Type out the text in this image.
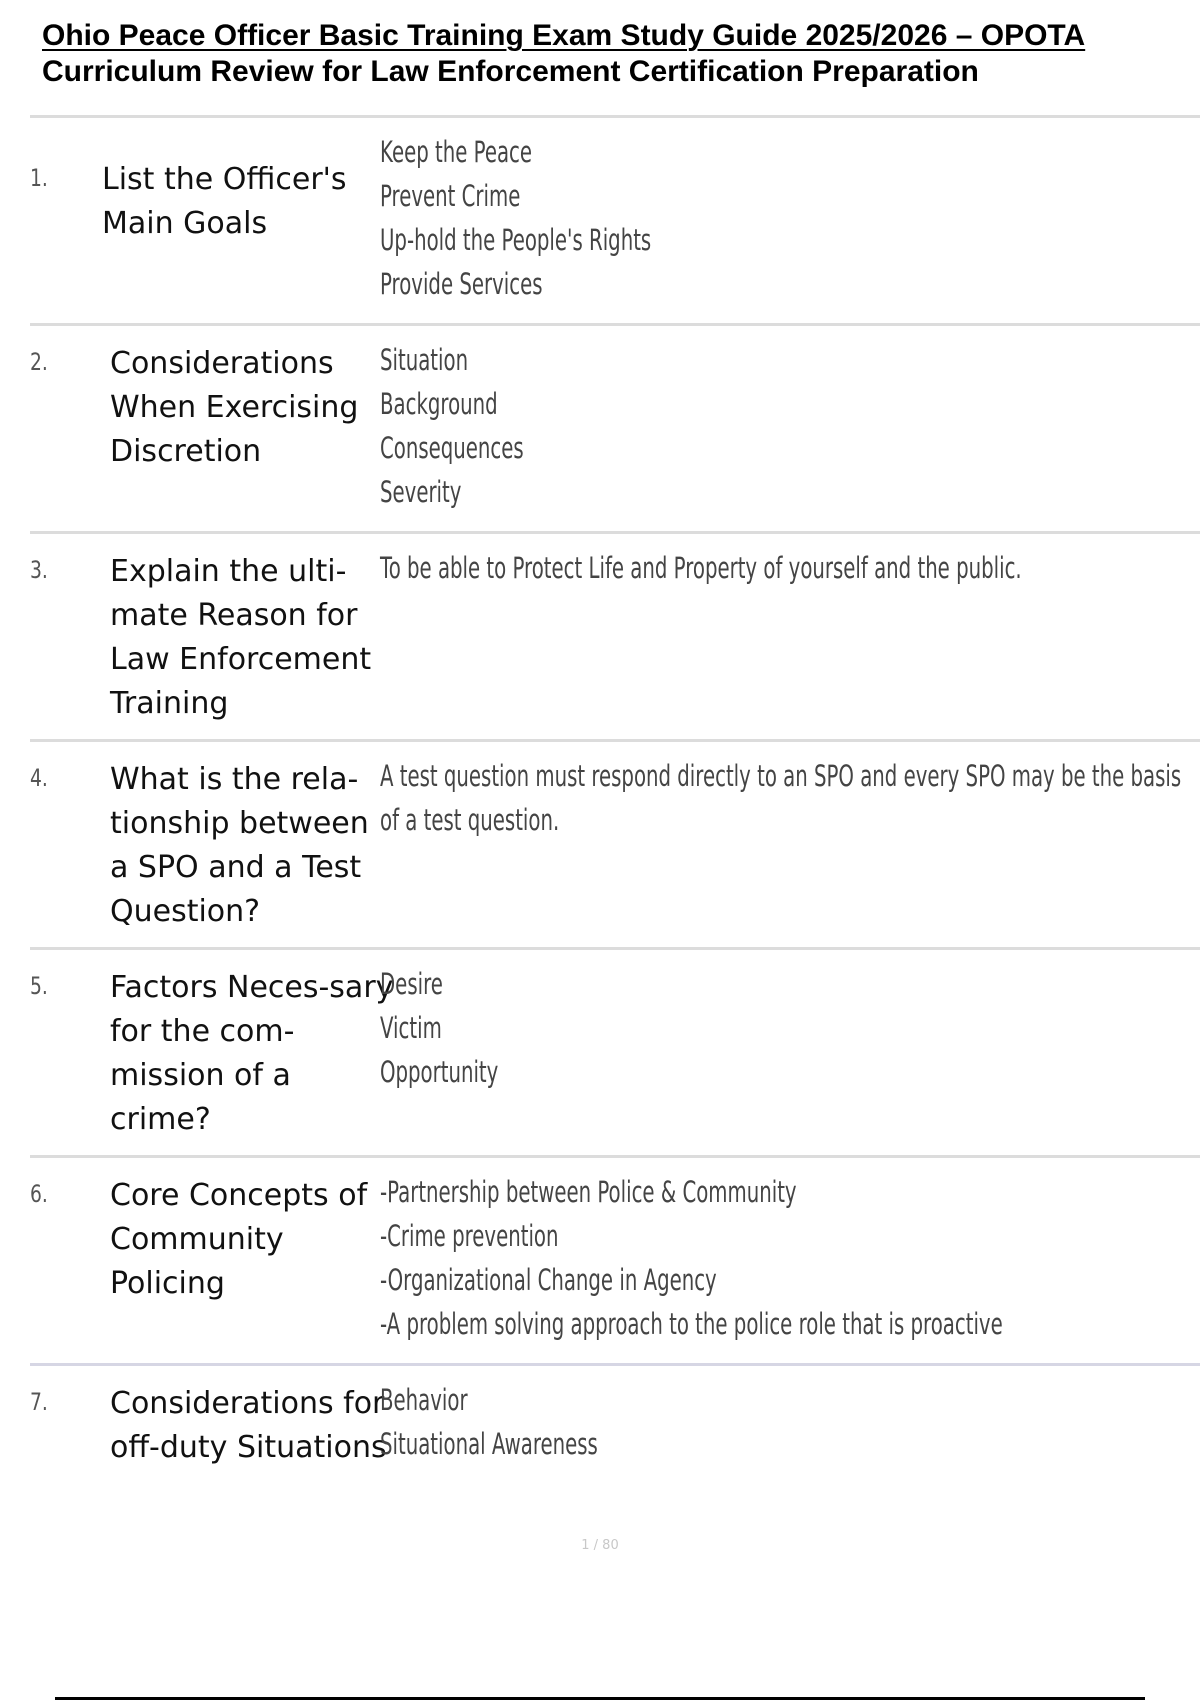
Ohio Peace Officer Basic Training Exam Study Guide 2025/2026 – OPOTA
Curriculum Review for Law Enforcement Certification Preparation
1. List the Officer's Main Goals
Keep the Peace
Prevent Crime
Up-hold the People's Rights
Provide Services
2. Considerations When Exercising Discretion
Situation
Background
Consequences
Severity
3. Explain the ulti-mate Reason for Law Enforcement Training
To be able to Protect Life and Property of yourself and the public.
4. What is the rela-tionship between a SPO and a Test Question?
A test question must respond directly to an SPO and every SPO may be the basis
of a test question.
5. Factors Neces-sary for the com-mission of a crime?
Desire
Victim
Opportunity
6. Core Concepts of Community Policing
-Partnership between Police & Community
-Crime prevention
-Organizational Change in Agency
-A problem solving approach to the police role that is proactive
7. Considerations for off-duty Situations
Behavior
Situational Awareness
1 / 80
